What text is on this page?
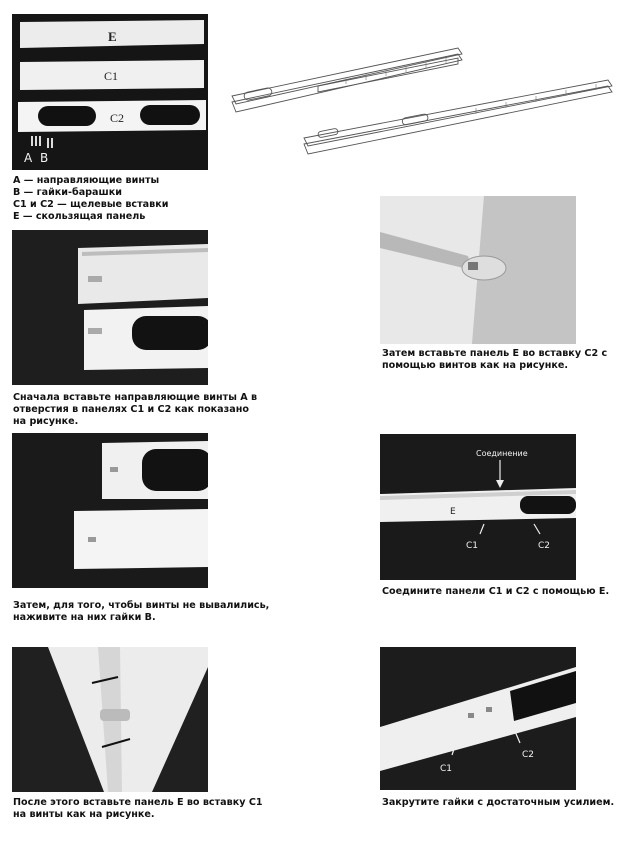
E
C1
C2
A B
A — направляющие винты
B — гайки-барашки
C1 и C2 — щелевые вставки
E — скользящая панель
Сначала вставьте направляющие винты A в
отверстия в панелях C1 и C2 как показано
на рисунке.
Затем, для того, чтобы винты не вывалились,
наживите на них гайки B.
После этого вставьте панель E во вставку C1
на винты как на рисунке.
Затем вставьте панель E во вставку C2 с
помощью винтов как на рисунке.
Соединение
E
C1	C2
Соедините панели C1 и C2 с помощью E.
C1
C2
Закрутите гайки с достаточным усилием.
